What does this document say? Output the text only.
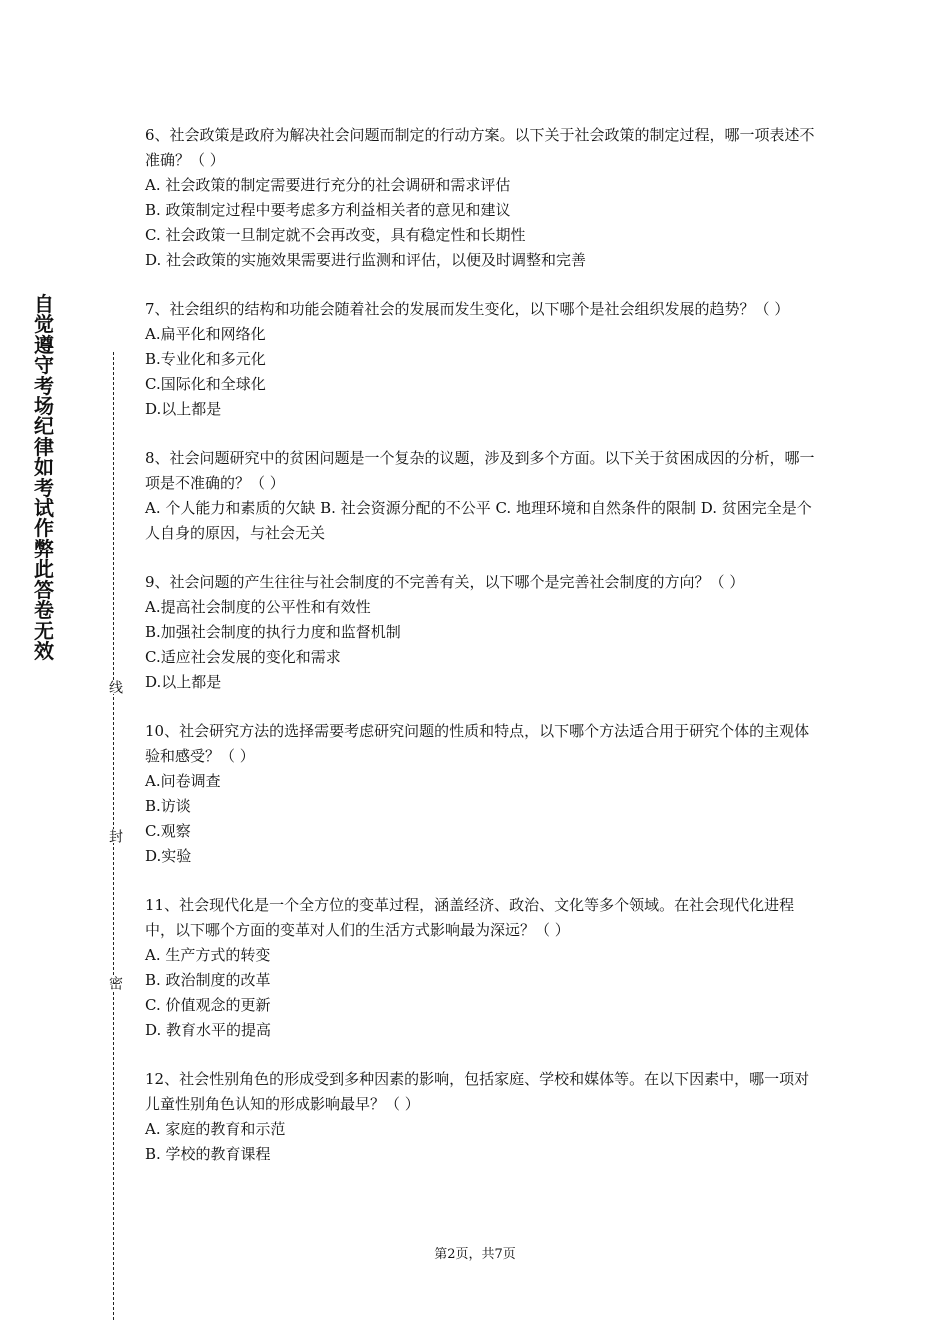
自觉遵守考场纪律如考试作弊此答卷无效
线
封
密

6、社会政策是政府为解决社会问题而制定的行动方案。以下关于社会政策的制定过程，哪一项表述不准确？（ ）

A. 社会政策的制定需要进行充分的社会调研和需求评估

B. 政策制定过程中要考虑多方利益相关者的意见和建议

C. 社会政策一旦制定就不会再改变，具有稳定性和长期性

D. 社会政策的实施效果需要进行监测和评估，以便及时调整和完善

7、社会组织的结构和功能会随着社会的发展而发生变化，以下哪个是社会组织发展的趋势？（ ）

A.扁平化和网络化

B.专业化和多元化

C.国际化和全球化

D.以上都是

8、社会问题研究中的贫困问题是一个复杂的议题，涉及到多个方面。以下关于贫困成因的分析，哪一项是不准确的？（ ）

A. 个人能力和素质的欠缺 B. 社会资源分配的不公平 C. 地理环境和自然条件的限制 D. 贫困完全是个人自身的原因，与社会无关

9、社会问题的产生往往与社会制度的不完善有关，以下哪个是完善社会制度的方向？（ ）

A.提高社会制度的公平性和有效性

B.加强社会制度的执行力度和监督机制

C.适应社会发展的变化和需求

D.以上都是

10、社会研究方法的选择需要考虑研究问题的性质和特点，以下哪个方法适合用于研究个体的主观体验和感受？（ ）

A.问卷调查

B.访谈

C.观察

D.实验

11、社会现代化是一个全方位的变革过程，涵盖经济、政治、文化等多个领域。在社会现代化进程中，以下哪个方面的变革对人们的生活方式影响最为深远？（ ）

A. 生产方式的转变

B. 政治制度的改革

C. 价值观念的更新

D. 教育水平的提高

12、社会性别角色的形成受到多种因素的影响，包括家庭、学校和媒体等。在以下因素中，哪一项对儿童性别角色认知的形成影响最早？（ ）

A. 家庭的教育和示范

B. 学校的教育课程

第2页，共7页
